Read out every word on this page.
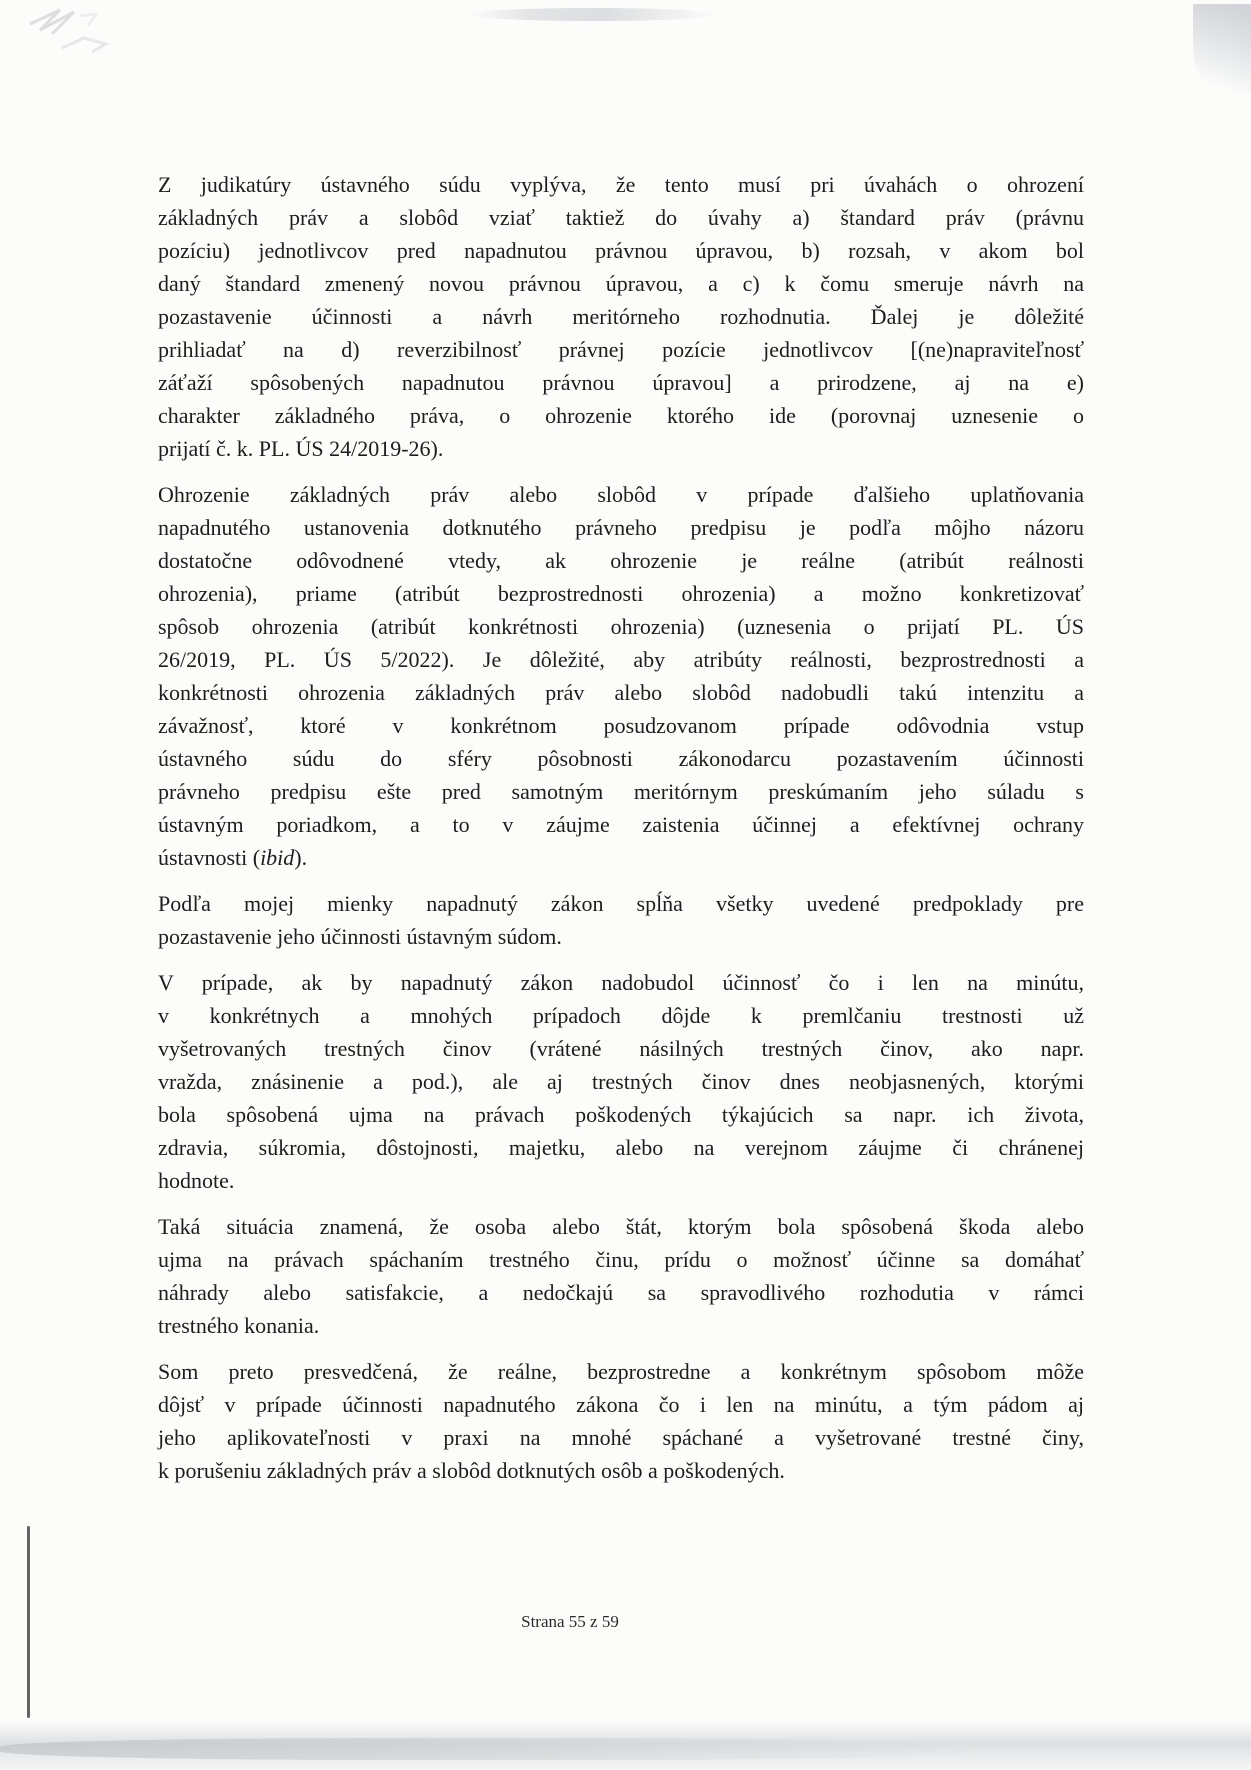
Z judikatúry ústavného súdu vyplýva, že tento musí pri úvahách o ohrození
základných práv a slobôd vziať taktiež do úvahy a) štandard práv (právnu
pozíciu) jednotlivcov pred napadnutou právnou úpravou, b) rozsah, v akom bol
daný štandard zmenený novou právnou úpravou, a c) k čomu smeruje návrh na
pozastavenie účinnosti a návrh meritórneho rozhodnutia. Ďalej je dôležité
prihliadať na d) reverzibilnosť právnej pozície jednotlivcov [(ne)napraviteľnosť
záťaží spôsobených napadnutou právnou úpravou] a prirodzene, aj na e)
charakter základného práva, o ohrozenie ktorého ide (porovnaj uznesenie o
prijatí č. k. PL. ÚS 24/2019-26).
Ohrozenie základných práv alebo slobôd v prípade ďalšieho uplatňovania
napadnutého ustanovenia dotknutého právneho predpisu je podľa môjho názoru
dostatočne odôvodnené vtedy, ak ohrozenie je reálne (atribút reálnosti
ohrozenia), priame (atribút bezprostrednosti ohrozenia) a možno konkretizovať
spôsob ohrozenia (atribút konkrétnosti ohrozenia) (uznesenia o prijatí PL. ÚS
26/2019, PL. ÚS 5/2022). Je dôležité, aby atribúty reálnosti, bezprostrednosti a
konkrétnosti ohrozenia základných práv alebo slobôd nadobudli takú intenzitu a
závažnosť, ktoré v konkrétnom posudzovanom prípade odôvodnia vstup
ústavného súdu do sféry pôsobnosti zákonodarcu pozastavením účinnosti
právneho predpisu ešte pred samotným meritórnym preskúmaním jeho súladu s
ústavným poriadkom, a to v záujme zaistenia účinnej a efektívnej ochrany
ústavnosti (ibid).
Podľa mojej mienky napadnutý zákon spĺňa všetky uvedené predpoklady pre
pozastavenie jeho účinnosti ústavným súdom.
V prípade, ak by napadnutý zákon nadobudol účinnosť čo i len na minútu,
v konkrétnych a mnohých prípadoch dôjde k premlčaniu trestnosti už
vyšetrovaných trestných činov (vrátené násilných trestných činov, ako napr.
vražda, znásinenie a pod.), ale aj trestných činov dnes neobjasnených, ktorými
bola spôsobená ujma na právach poškodených týkajúcich sa napr. ich života,
zdravia, súkromia, dôstojnosti, majetku, alebo na verejnom záujme či chránenej
hodnote.
Taká situácia znamená, že osoba alebo štát, ktorým bola spôsobená škoda alebo
ujma na právach spáchaním trestného činu, prídu o možnosť účinne sa domáhať
náhrady alebo satisfakcie, a nedočkajú sa spravodlivého rozhodutia v rámci
trestného konania.
Som preto presvedčená, že reálne, bezprostredne a konkrétnym spôsobom môže
dôjsť v prípade účinnosti napadnutého zákona čo i len na minútu, a tým pádom aj
jeho aplikovateľnosti v praxi na mnohé spáchané a vyšetrované trestné činy,
k porušeniu základných práv a slobôd dotknutých osôb a poškodených.
Strana 55 z 59
